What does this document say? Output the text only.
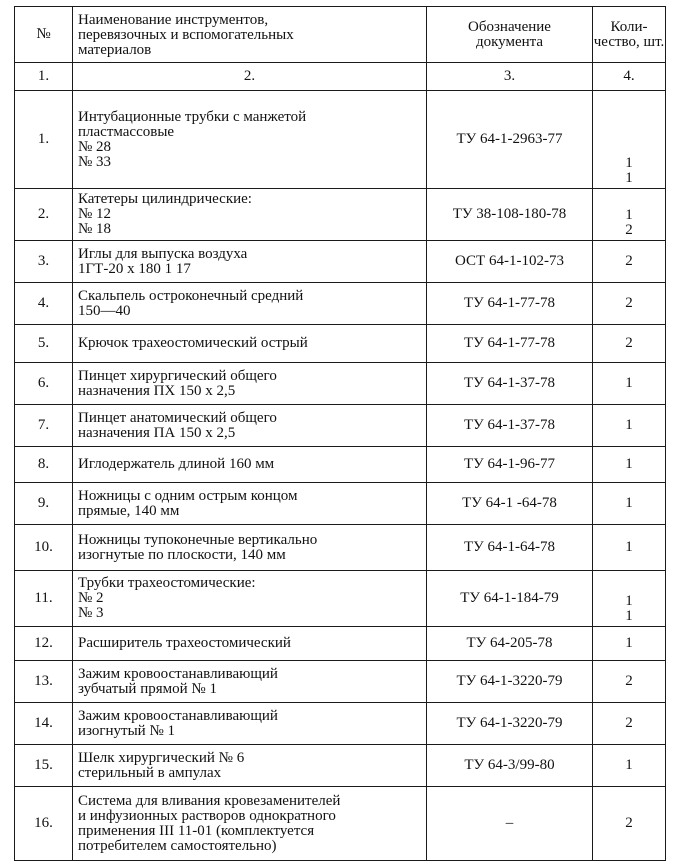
№	Наименование инструментов,
перевязочных и вспомогательных
материалов	Обозначение
документа	Коли-
чество, шт.

1.	2.	3.	4.
1.	Интубационные трубки с манжетой
пластмассовые
№ 28
№ 33	ТУ 64-1-2963-77	1
1

2.	Катетеры цилиндрические:
№ 12
№ 18	ТУ 38-108-180-78	1
2

3.	Иглы для выпуска воздуха
1ГТ-20 х 180 1 17	ОСТ 64-1-102-73	2

4.	Скальпель остроконечный средний
150—40	ТУ 64-1-77-78	2

5.	Крючок трахеостомический острый	ТУ 64-1-77-78	2

6.	Пинцет хирургический общего
назначения ПХ 150 х 2,5	ТУ 64-1-37-78	1

7.	Пинцет анатомический общего
назначения ПА 150 х 2,5	ТУ 64-1-37-78	1

8.	Иглодержатель длиной 160 мм	ТУ 64-1-96-77	1

9.	Ножницы с одним острым концом
прямые, 140 мм	ТУ 64-1 -64-78	1

10.	Ножницы тупоконечные вертикально
изогнутые по плоскости, 140 мм	ТУ 64-1-64-78	1

11.	Трубки трахеостомические:
№ 2
№ 3	ТУ 64-1-184-79	1
1

12.	Расширитель трахеостомический	ТУ 64-205-78	1

13.	Зажим кровоостанавливающий
зубчатый прямой № 1	ТУ 64-1-3220-79	2

14.	Зажим кровоостанавливающий
изогнутый № 1	ТУ 64-1-3220-79	2

15.	Шелк хирургический № 6
стерильный в ампулах	ТУ 64-3/99-80	1

16.	Система для вливания кровезаменителей
и инфузионных растворов однократного
применения III 11-01 (комплектуется
потребителем самостоятельно)	–	2
